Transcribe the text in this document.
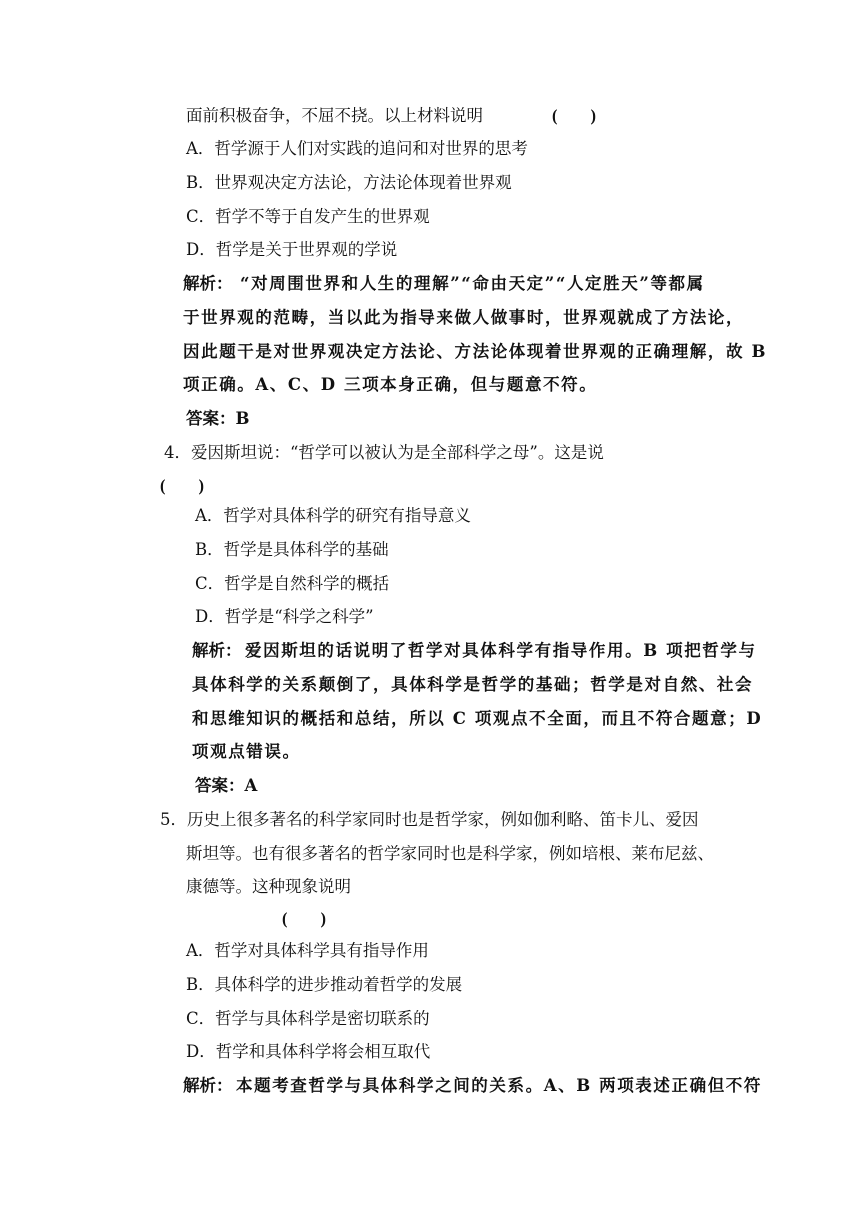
面前积极奋争，不屈不挠。以上材料说明	(　　)
A．哲学源于人们对实践的追问和对世界的思考
B．世界观决定方法论，方法论体现着世界观
C．哲学不等于自发产生的世界观
D．哲学是关于世界观的学说
解析： “对周围世界和人生的理解”“命由天定”“人定胜天”等都属
于世界观的范畴，当以此为指导来做人做事时，世界观就成了方法论，
因此题干是对世界观决定方法论、方法论体现着世界观的正确理解，故 B
项正确。A、C、D 三项本身正确，但与题意不符。
答案：B
4．爱因斯坦说：“哲学可以被认为是全部科学之母”。这是说
(　　)
A．哲学对具体科学的研究有指导意义
B．哲学是具体科学的基础
C．哲学是自然科学的概括
D．哲学是“科学之科学”
解析： 爱因斯坦的话说明了哲学对具体科学有指导作用。B 项把哲学与
具体科学的关系颠倒了，具体科学是哲学的基础；哲学是对自然、社会
和思维知识的概括和总结，所以 C 项观点不全面，而且不符合题意；D
项观点错误。
答案：A
5．历史上很多著名的科学家同时也是哲学家，例如伽利略、笛卡儿、爱因
斯坦等。也有很多著名的哲学家同时也是科学家，例如培根、莱布尼兹、
康德等。这种现象说明
(　　)
A．哲学对具体科学具有指导作用
B．具体科学的进步推动着哲学的发展
C．哲学与具体科学是密切联系的
D．哲学和具体科学将会相互取代
解析： 本题考查哲学与具体科学之间的关系。A、B 两项表述正确但不符
